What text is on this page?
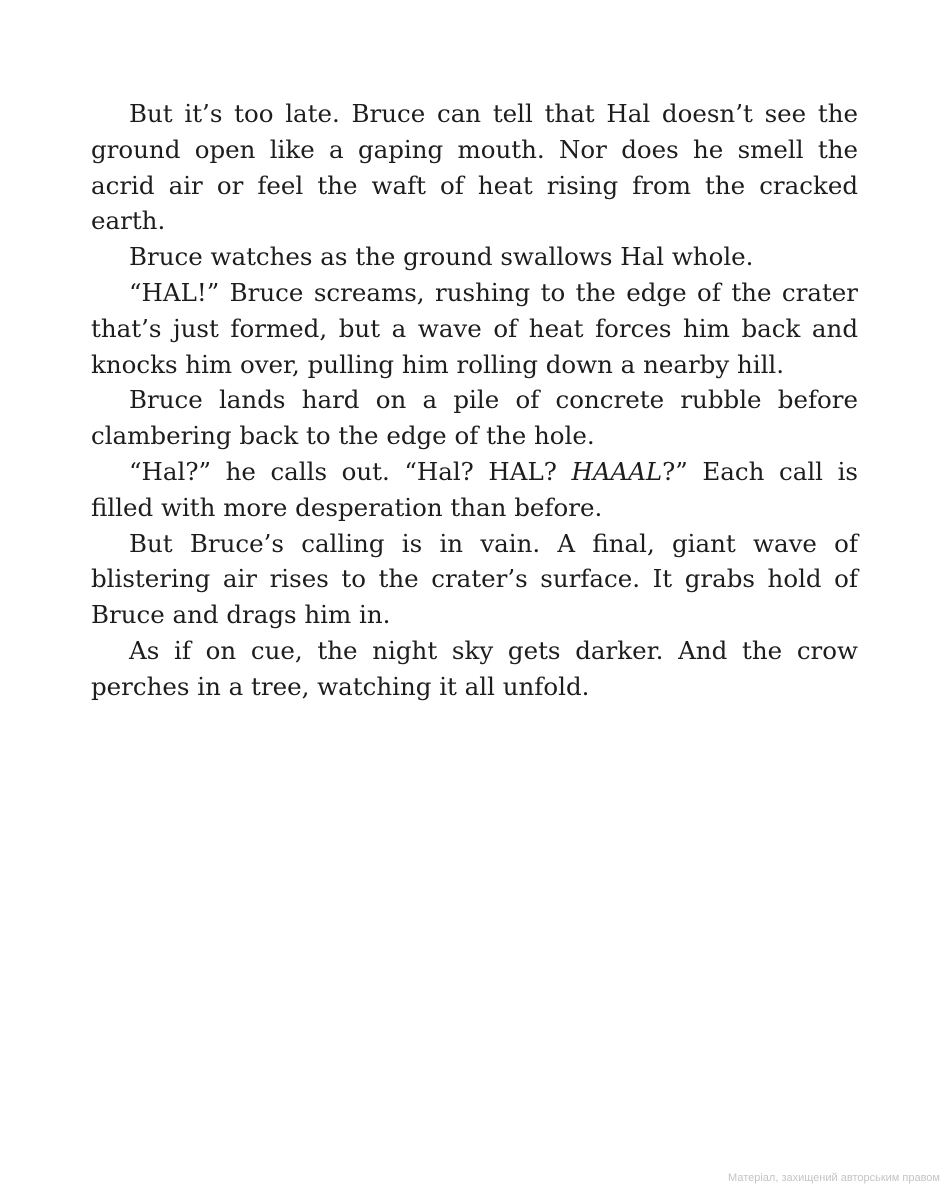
But it’s too late. Bruce can tell that Hal doesn’t see the ground open like a gaping mouth. Nor does he smell the acrid air or feel the waft of heat rising from the cracked earth.

Bruce watches as the ground swallows Hal whole.

“HAL!” Bruce screams, rushing to the edge of the crater that’s just formed, but a wave of heat forces him back and knocks him over, pulling him rolling down a nearby hill.

Bruce lands hard on a pile of concrete rubble before clambering back to the edge of the hole.

“Hal?” he calls out. “Hal? HAL? HAAAL?” Each call is filled with more desperation than before.

But Bruce’s calling is in vain. A final, giant wave of blistering air rises to the crater’s surface. It grabs hold of Bruce and drags him in.

As if on cue, the night sky gets darker. And the crow perches in a tree, watching it all unfold.

Матеріал, захищений авторським правом
